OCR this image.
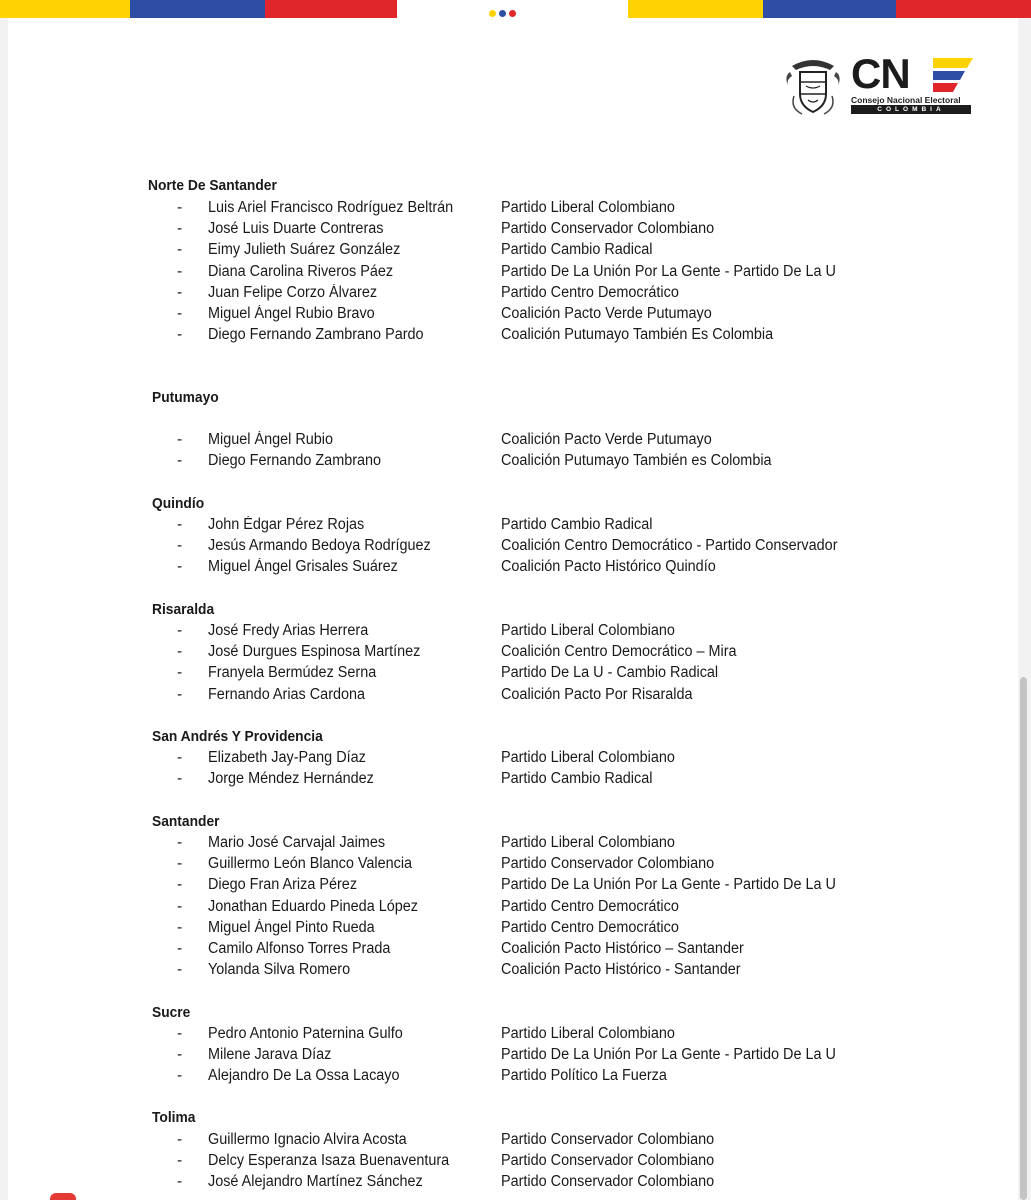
CN
Consejo Nacional Electoral
COLOMBIA
Norte De Santander
- Luis Ariel Francisco Rodríguez Beltrán	Partido Liberal Colombiano
- José Luis Duarte Contreras	Partido Conservador Colombiano
- Eimy Julieth Suárez González	Partido Cambio Radical
- Diana Carolina Riveros Páez	Partido De La Unión Por La Gente - Partido De La U
- Juan Felipe Corzo Álvarez	Partido Centro Democrático
- Miguel Ángel Rubio Bravo	Coalición Pacto Verde Putumayo
- Diego Fernando Zambrano Pardo	Coalición Putumayo También Es Colombia
Putumayo
- Miguel Ángel Rubio	Coalición Pacto Verde Putumayo
- Diego Fernando Zambrano	Coalición Putumayo También es Colombia
Quindío
- John Édgar Pérez Rojas	Partido Cambio Radical
- Jesús Armando Bedoya Rodríguez	Coalición Centro Democrático - Partido Conservador
- Miguel Ángel Grisales Suárez	Coalición Pacto Histórico Quindío
Risaralda
- José Fredy Arias Herrera	Partido Liberal Colombiano
- José Durgues Espinosa Martínez	Coalición Centro Democrático – Mira
- Franyela Bermúdez Serna	Partido De La U - Cambio Radical
- Fernando Arias Cardona	Coalición Pacto Por Risaralda
San Andrés Y Providencia
- Elizabeth Jay-Pang Díaz	Partido Liberal Colombiano
- Jorge Méndez Hernández	Partido Cambio Radical
Santander
- Mario José Carvajal Jaimes	Partido Liberal Colombiano
- Guillermo León Blanco Valencia	Partido Conservador Colombiano
- Diego Fran Ariza Pérez	Partido De La Unión Por La Gente - Partido De La U
- Jonathan Eduardo Pineda López	Partido Centro Democrático
- Miguel Ángel Pinto Rueda	Partido Centro Democrático
- Camilo Alfonso Torres Prada	Coalición Pacto Histórico – Santander
- Yolanda Silva Romero	Coalición Pacto Histórico - Santander
Sucre
- Pedro Antonio Paternina Gulfo	Partido Liberal Colombiano
- Milene Jarava Díaz	Partido De La Unión Por La Gente - Partido De La U
- Alejandro De La Ossa Lacayo	Partido Político La Fuerza
Tolima
- Guillermo Ignacio Alvira Acosta	Partido Conservador Colombiano
- Delcy Esperanza Isaza Buenaventura	Partido Conservador Colombiano
- José Alejandro Martínez Sánchez	Partido Conservador Colombiano
